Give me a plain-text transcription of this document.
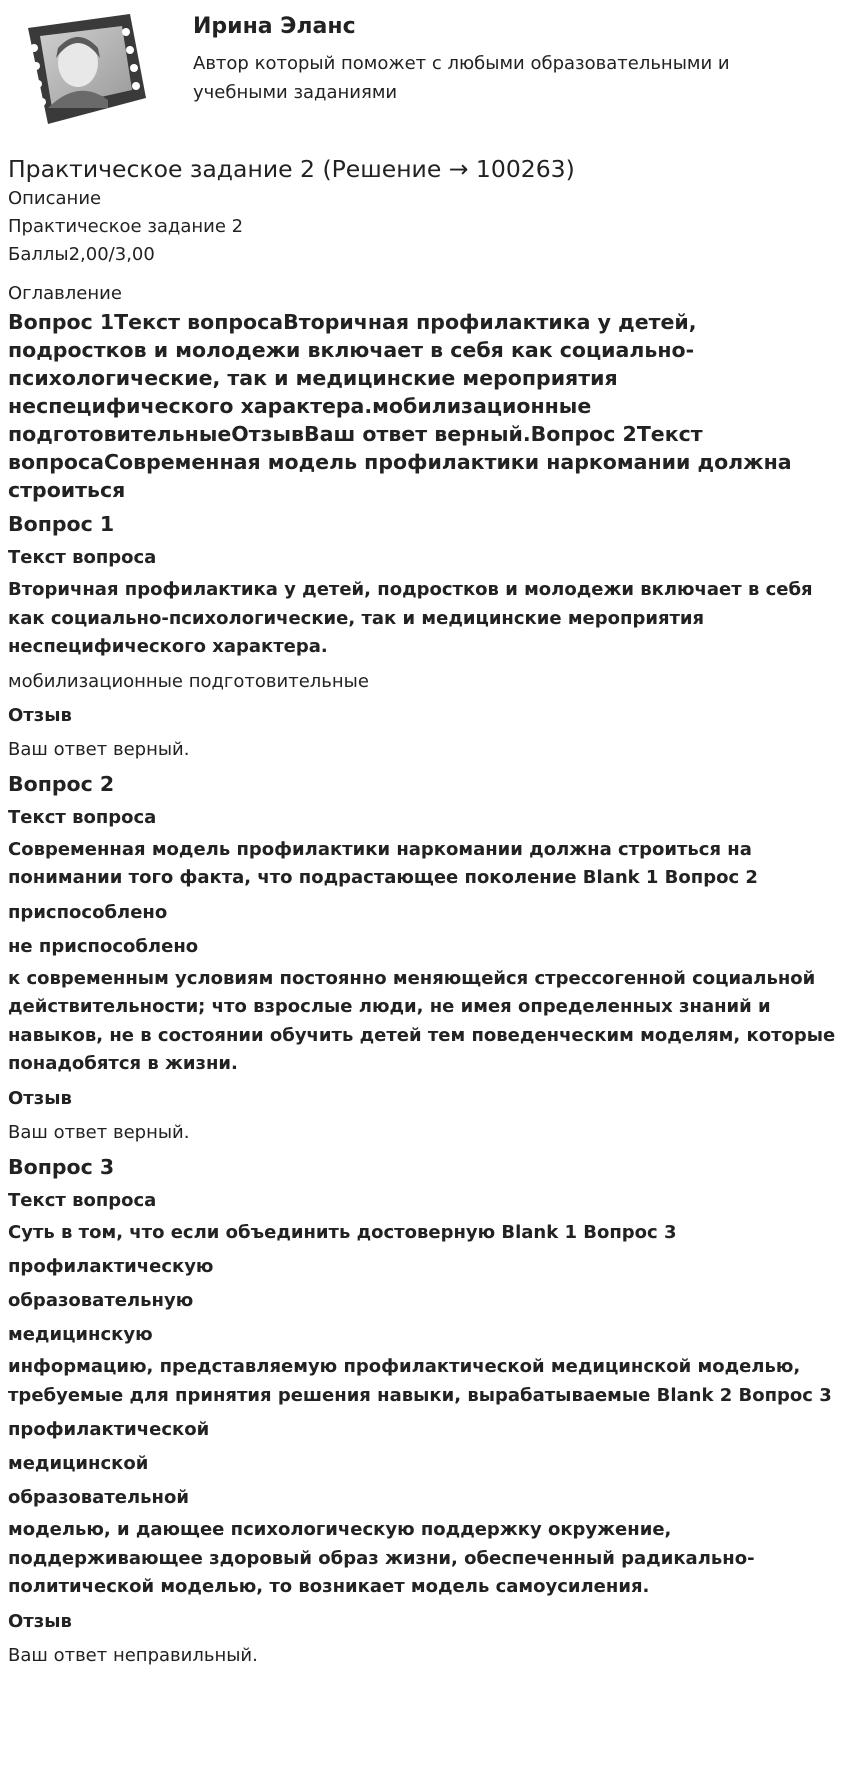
Ирина Эланс
Автор который поможет с любыми образовательными и учебными заданиями
Практическое задание 2 (Решение → 100263)
Описание
Практическое задание 2
Баллы2,00/3,00
Оглавление
Вопрос 1Текст вопросаВторичная профилактика у детей, подростков и молодежи включает в себя как социально-психологические, так и медицинские мероприятия неспецифического характера.мобилизационные подготовительныеОтзывВаш ответ верный.Вопрос 2Текст вопросаСовременная модель профилактики наркомании должна строиться
Вопрос 1
Текст вопроса
Вторичная профилактика у детей, подростков и молодежи включает в себя как социально-психологические, так и медицинские мероприятия неспецифического характера.
мобилизационные подготовительные
Отзыв
Ваш ответ верный.
Вопрос 2
Текст вопроса
Современная модель профилактики наркомании должна строиться на понимании того факта, что подрастающее поколение Blank 1 Вопрос 2
приспособлено
не приспособлено
к современным условиям постоянно меняющейся стрессогенной социальной действительности; что взрослые люди, не имея определенных знаний и навыков, не в состоянии обучить детей тем поведенческим моделям, которые понадобятся в жизни.
Отзыв
Ваш ответ верный.
Вопрос 3
Текст вопроса
Суть в том, что если объединить достоверную Blank 1 Вопрос 3
профилактическую
образовательную
медицинскую
информацию, представляемую профилактической медицинской моделью, требуемые для принятия решения навыки, вырабатываемые Blank 2 Вопрос 3
профилактической
медицинской
образовательной
моделью, и дающее психологическую поддержку окружение, поддерживающее здоровый образ жизни, обеспеченный радикально-политической моделью, то возникает модель самоусиления.
Отзыв
Ваш ответ неправильный.
